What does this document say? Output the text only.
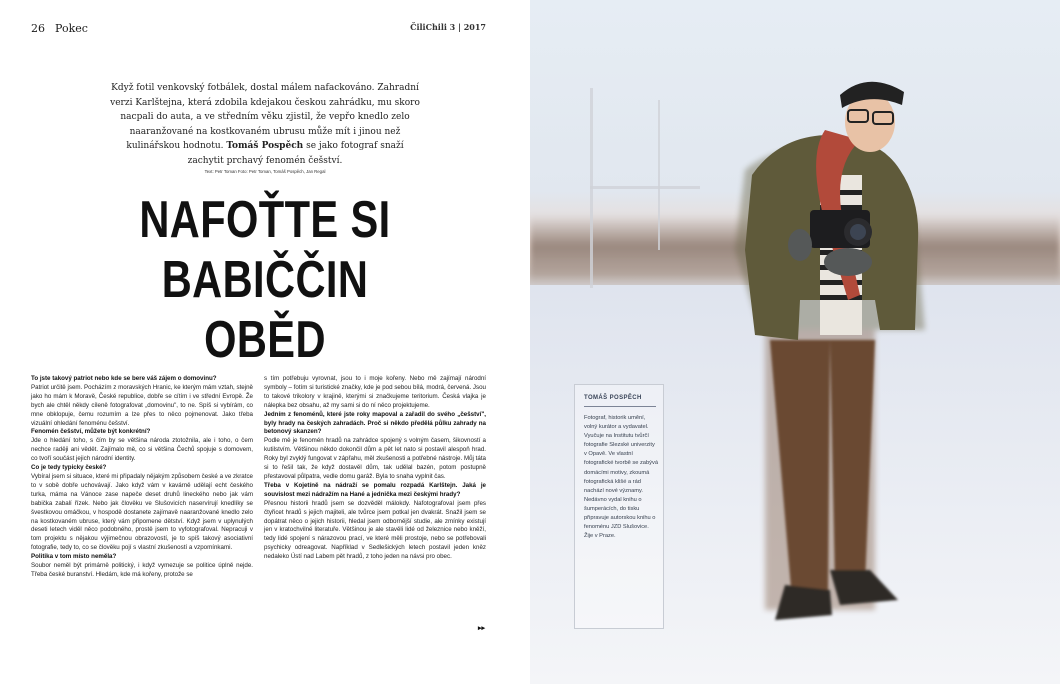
26 Pokec	ČiliChili 3 | 2017
Když fotil venkovský fotbálek, dostal málem nafackováno. Zahradní verzi Karlštejna, která zdobila kdejakou českou zahrádku, mu skoro nacpali do auta, a ve středním věku zjistil, že vepřo knedlo zelo naaranžované na kostkovaném ubrusu může mít i jinou než kulinářskou hodnotu. Tomáš Pospěch se jako fotograf snaží zachytit prchavý fenomén češství.
Text: Petr Toman Foto: Petr Toman, Tomáš Pospěch, Jan Regal
NAFOŤTE SI
BABIČČIN OBĚD
To jste takový patriot nebo kde se bere váš zájem o domovinu?
Patriot určitě jsem. Pocházím z moravských Hranic, ke kterým mám vztah, stejně jako ho mám k Moravě, České republice, dobře se cítím i ve střední Evropě. Že bych ale chtěl někdy cíleně fotografovat „domovinu", to ne. Spíš si vybírám, co mne obklopuje, čemu rozumím a lze přes to něco pojmenovat. Jako třeba vizuální ohledání fenoménu češství.
Fenomén češství, můžete být konkrétní?
Jde o hledání toho, s čím by se většina národa ztotožnila, ale i toho, o čem nechce raději ani vědět. Zajímalo mě, co si většina Čechů spojuje s domovem, co tvoří součást jejich národní identity.
Co je tedy typicky české?
Vybíral jsem si situace, které mi připadaly nějakým způsobem české a ve zkratce to v sobě dobře uchovávají. Jako když vám v kavárně udělají echt českého turka, máma na Vánoce zase napeče deset druhů lineckého nebo jak vám babička zabalí řízek. Nebo jak člověku ve Slušovicích naservírují knedlíky se švestkovou omáčkou, v hospodě dostanete zajímavě naaranžované knedlo zelo na kostkovaném ubruse, který vám připomene dětství. Když jsem v uplynulých deseti letech viděl něco podobného, prostě jsem to vyfotografoval. Nepracuji v tom projektu s nějakou výjimečnou obrazovostí, je to spíš takový asociativní fotografie, tedy to, co se člověku pojí s vlastní zkušeností a vzpomínkami.
Politika v tom místo neměla?
Soubor neměl být primárně politický, i když vymezuje se politice úplně nejde. Třeba české buranství. Hledám, kde má kořeny, protože se
s tím potřebuju vyrovnat, jsou to i moje kořeny. Nebo mě zajímají národní symboly – fotím si turistické značky, kde je pod sebou bílá, modrá, červená. Jsou to takové trikolory v krajině, kterými si značkujeme teritorium. Česká vlajka je nálepka bez obsahu, až my sami si do ní něco projektujeme.
Jedním z fenoménů, které jste roky mapoval a zařadil do svého „češství", byly hrady na českých zahradách. Proč si někdo předělá půlku zahrady na betonový skanzen?
Podle mě je fenomén hradů na zahrádce spojený s volným časem, šikovností a kutilstvím. Většinou někdo dokončil dům a pět let nato si postavil alespoň hrad. Roky byl zvyklý fungovat v zápřahu, měl zkušenosti a potřebné nástroje. Můj táta si to řešil tak, že když dostavěl dům, tak udělal bazén, potom postupně přestavoval půlpatra, vedle domu garáž. Byla to snaha vyplnit čas.
Třeba v Kojetíně na nádraží se pomalu rozpadá Karlštejn. Jaká je souvislost mezi nádražím na Hané a jednička mezi českými hrady?
Přesnou historii hradů jsem se dozvěděl málokdy. Nafotografoval jsem přes čtyřicet hradů s jejich majiteli, ale tvůrce jsem potkal jen dvakrát. Snažil jsem se dopátrat něco o jejich historii, hledal jsem odbornější studie, ale zmínky existují jen v kratochvilné literatuře. Většinou je ale stavěli lidé od železnice nebo kněží, tedy lidé spojení s nárazovou prací, ve které měli prostoje, nebo se potřebovali psychicky odreagovat. Například v Sedlešických letech postavil jeden kněz nedaleko Ústí nad Labem pět hradů, z toho jeden na návsi pro obec.
▸▸
TOMÁŠ POSPĚCH
Fotograf, historik umění, volný kurátor a vydavatel. Vyučuje na Institutu tvůrčí fotografie Slezské univerzity v Opavě. Ve vlastní fotografické tvorbě se zabývá domácími motivy, zkoumá fotografická klišé a rád nachází nové významy. Nedávno vydal knihu o šumperácích, do tisku připravuje autorskou knihu o fenoménu JZD Slušovice. Žije v Praze.
